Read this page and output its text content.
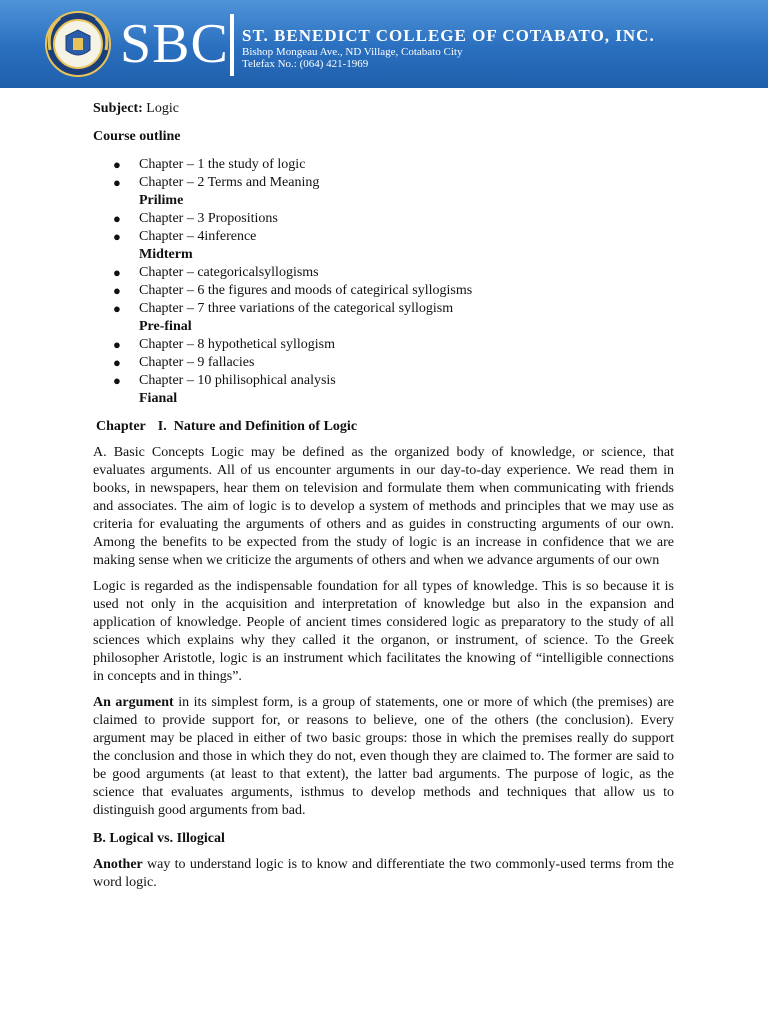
SBC ST. BENEDICT COLLEGE OF COTABATO, INC.
Bishop Mongeau Ave., ND Village, Cotabato City
Telefax No.: (064) 421-1969

Subject: Logic

Course outline

● Chapter – 1 the study of logic
● Chapter – 2 Terms and Meaning
Prilime
● Chapter – 3 Propositions
● Chapter – 4inference
Midterm
● Chapter – categoricalsyllogisms
● Chapter – 6 the figures and moods of categirical syllogisms
● Chapter – 7 three variations of the categorical syllogism
Pre-final
● Chapter – 8 hypothetical syllogism
● Chapter – 9 fallacies
● Chapter – 10 philisophical analysis
Fianal
Chapter I. Nature and Definition of Logic

A. Basic Concepts Logic may be defined as the organized body of knowledge, or science, that evaluates arguments. All of us encounter arguments in our day-to-day experience. We read them in books, in newspapers, hear them on television and formulate them when communicating with friends and associates. The aim of logic is to develop a system of methods and principles that we may use as criteria for evaluating the arguments of others and as guides in constructing arguments of our own. Among the benefits to be expected from the study of logic is an increase in confidence that we are making sense when we criticize the arguments of others and when we advance arguments of our own

Logic is regarded as the indispensable foundation for all types of knowledge. This is so because it is used not only in the acquisition and interpretation of knowledge but also in the expansion and application of knowledge. People of ancient times considered logic as preparatory to the study of all sciences which explains why they called it the organon, or instrument, of science. To the Greek philosopher Aristotle, logic is an instrument which facilitates the knowing of “intelligible connections in concepts and in things”.

An argument in its simplest form, is a group of statements, one or more of which (the premises) are claimed to provide support for, or reasons to believe, one of the others (the conclusion). Every argument may be placed in either of two basic groups: those in which the premises really do support the conclusion and those in which they do not, even though they are claimed to. The former are said to be good arguments (at least to that extent), the latter bad arguments. The purpose of logic, as the science that evaluates arguments, isthmus to develop methods and techniques that allow us to distinguish good arguments from bad.

B. Logical vs. Illogical

Another way to understand logic is to know and differentiate the two commonly-used terms from the word logic.
